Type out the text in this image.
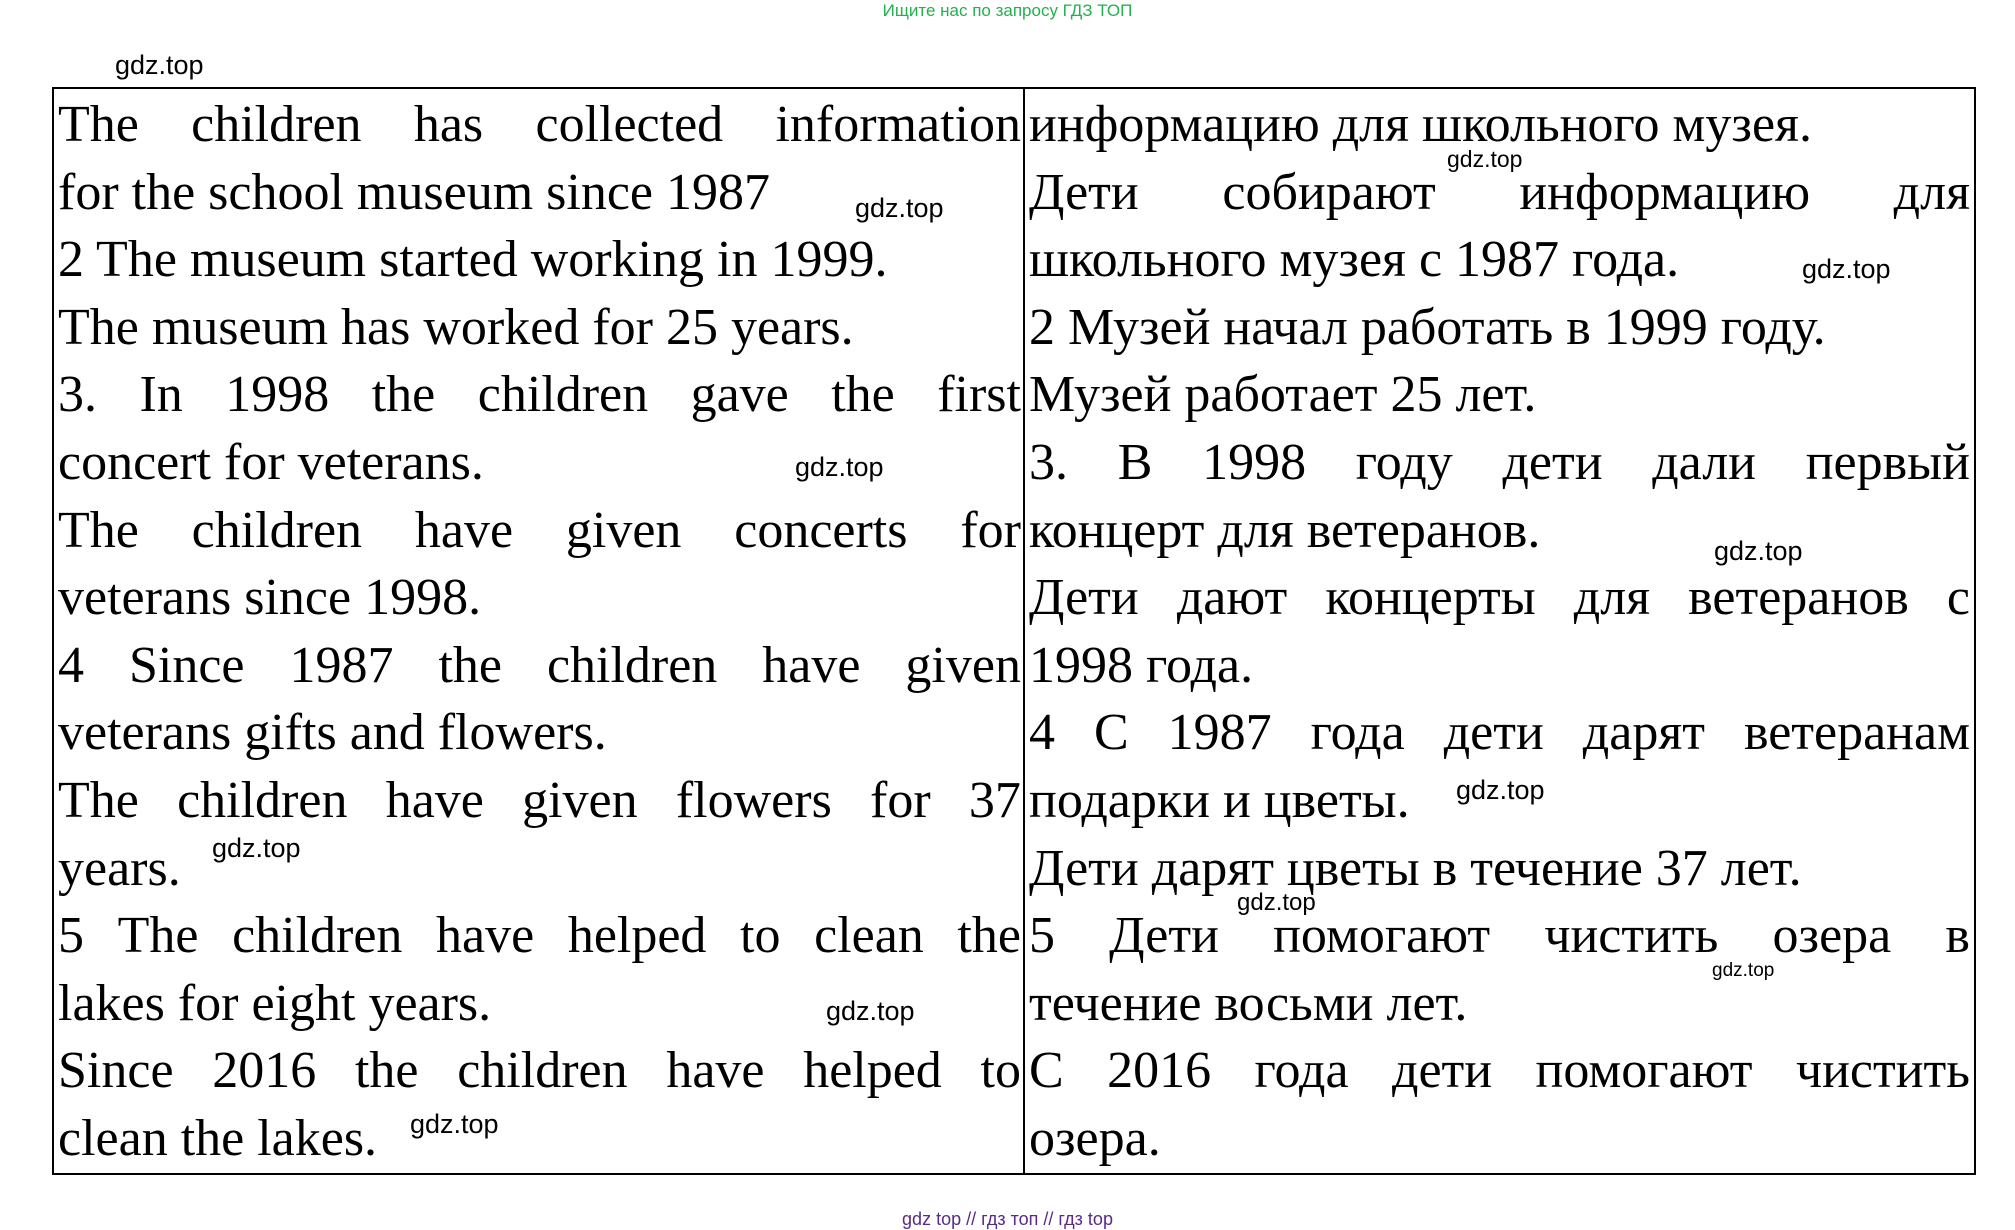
Ищите нас по запросу ГДЗ ТОП
gdz.top
The children has collected information
for the school museum since 1987
2 The museum started working in 1999.
The museum has worked for 25 years.
3. In 1998 the children gave the first
concert for veterans.
The children have given concerts for
veterans since 1998.
4 Since 1987 the children have given
veterans gifts and flowers.
The children have given flowers for 37
years.
5 The children have helped to clean the
lakes for eight years.
Since 2016 the children have helped to
clean the lakes.
информацию для школьного музея.
Дети собирают информацию для
школьного музея с 1987 года.
2 Музей начал работать в 1999 году.
Музей работает 25 лет.
3. В 1998 году дети дали первый
концерт для ветеранов.
Дети дают концерты для ветеранов с
1998 года.
4 С 1987 года дети дарят ветеранам
подарки и цветы.
Дети дарят цветы в течение 37 лет.
5 Дети помогают чистить озера в
течение восьми лет.
С 2016 года дети помогают чистить
озера.
gdz.top
gdz.top
gdz.top
gdz.top
gdz.top
gdz.top
gdz.top
gdz.top
gdz.top
gdz.top
gdz.top
gdz top // гдз топ // гдз top
